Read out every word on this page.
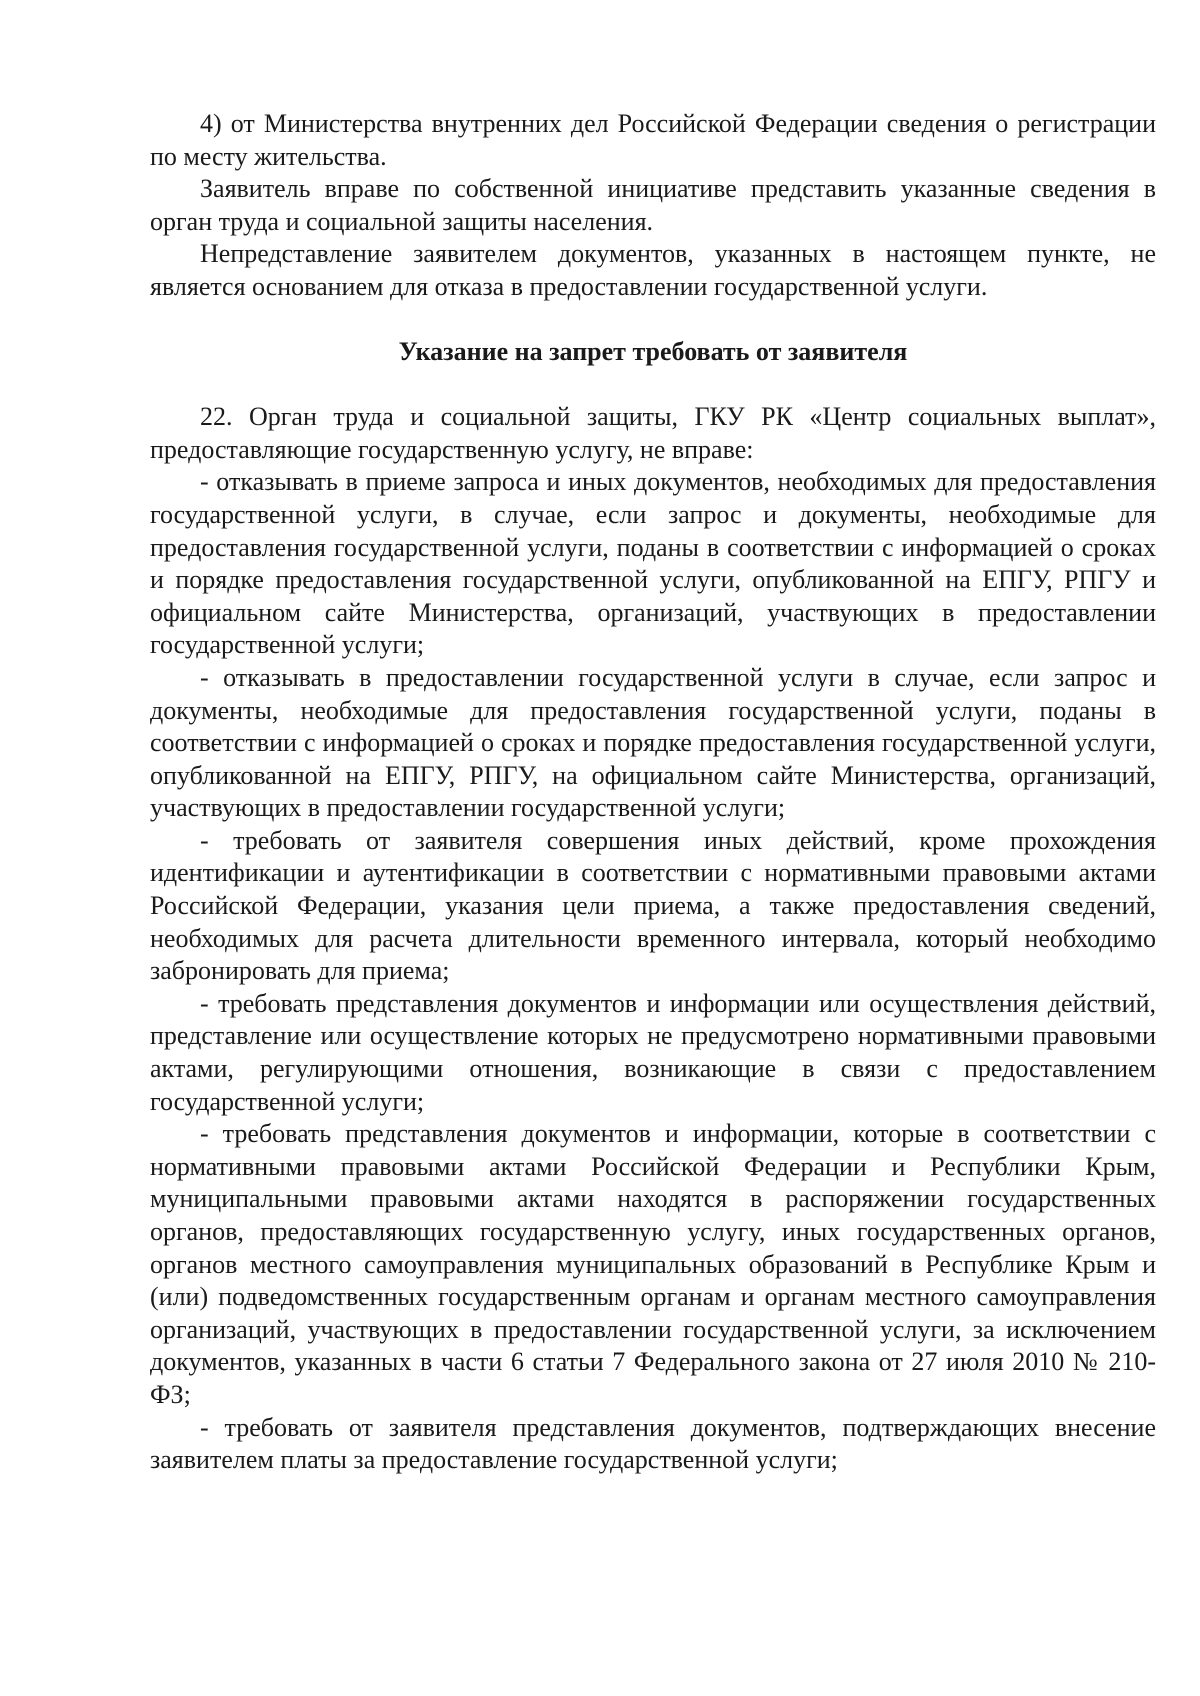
4) от Министерства внутренних дел Российской Федерации сведения о регистрации по месту жительства.

Заявитель вправе по собственной инициативе представить указанные сведения в орган труда и социальной защиты населения.

Непредставление заявителем документов, указанных в настоящем пункте, не является основанием для отказа в предоставлении государственной услуги.

Указание на запрет требовать от заявителя

22. Орган труда и социальной защиты, ГКУ РК «Центр социальных выплат», предоставляющие государственную услугу, не вправе:

- отказывать в приеме запроса и иных документов, необходимых для предоставления государственной услуги, в случае, если запрос и документы, необходимые для предоставления государственной услуги, поданы в соответствии с информацией о сроках и порядке предоставления государственной услуги, опубликованной на ЕПГУ, РПГУ и официальном сайте Министерства, организаций, участвующих в предоставлении государственной услуги;

- отказывать в предоставлении государственной услуги в случае, если запрос и документы, необходимые для предоставления государственной услуги, поданы в соответствии с информацией о сроках и порядке предоставления государственной услуги, опубликованной на ЕПГУ, РПГУ, на официальном сайте Министерства, организаций, участвующих в предоставлении государственной услуги;

- требовать от заявителя совершения иных действий, кроме прохождения идентификации и аутентификации в соответствии с нормативными правовыми актами Российской Федерации, указания цели приема, а также предоставления сведений, необходимых для расчета длительности временного интервала, который необходимо забронировать для приема;

- требовать представления документов и информации или осуществления действий, представление или осуществление которых не предусмотрено нормативными правовыми актами, регулирующими отношения, возникающие в связи с предоставлением государственной услуги;

- требовать представления документов и информации, которые в соответствии с нормативными правовыми актами Российской Федерации и Республики Крым, муниципальными правовыми актами находятся в распоряжении государственных органов, предоставляющих государственную услугу, иных государственных органов, органов местного самоуправления муниципальных образований в Республике Крым и (или) подведомственных государственным органам и органам местного самоуправления организаций, участвующих в предоставлении государственной услуги, за исключением документов, указанных в части 6 статьи 7 Федерального закона от 27 июля 2010 № 210-ФЗ;

- требовать от заявителя представления документов, подтверждающих внесение заявителем платы за предоставление государственной услуги;
